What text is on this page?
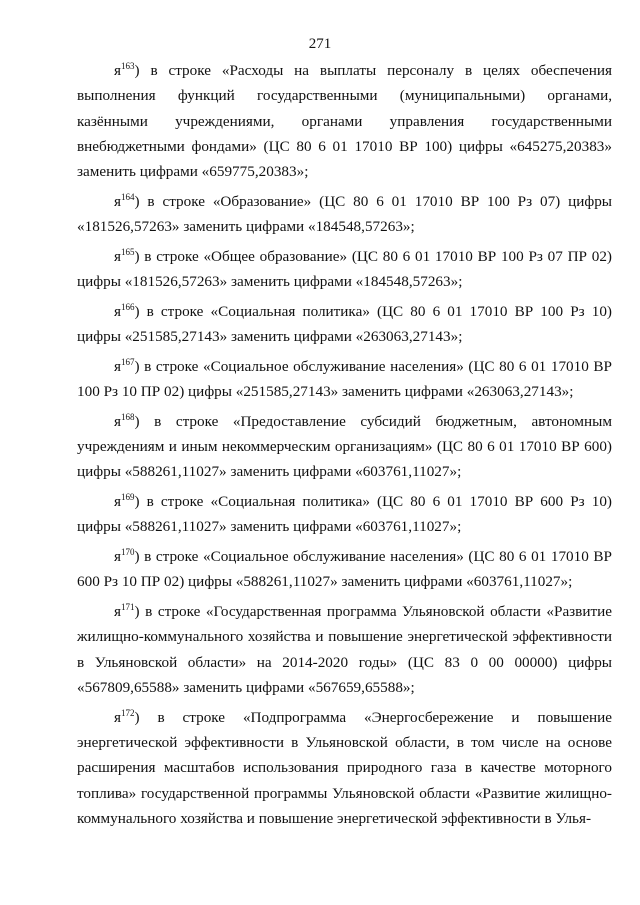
271

$я^{163}$) в строке «Расходы на выплаты персоналу в целях обеспечения выполнения функций государственными (муниципальными) органами, казёнными учреждениями, органами управления государственными внебюджетными фондами» (ЦС 80 6 01 17010 ВР 100) цифры «645275,20383» заменить цифрами «659775,20383»;

$я^{164}$) в строке «Образование» (ЦС 80 6 01 17010 ВР 100 Рз 07) цифры «181526,57263» заменить цифрами «184548,57263»;

$я^{165}$) в строке «Общее образование» (ЦС 80 6 01 17010 ВР 100 Рз 07 ПР 02) цифры «181526,57263» заменить цифрами «184548,57263»;

$я^{166}$) в строке «Социальная политика» (ЦС 80 6 01 17010 ВР 100 Рз 10) цифры «251585,27143» заменить цифрами «263063,27143»;

$я^{167}$) в строке «Социальное обслуживание населения» (ЦС 80 6 01 17010 ВР 100 Рз 10 ПР 02) цифры «251585,27143» заменить цифрами «263063,27143»;

$я^{168}$) в строке «Предоставление субсидий бюджетным, автономным учреждениям и иным некоммерческим организациям» (ЦС 80 6 01 17010 ВР 600) цифры «588261,11027» заменить цифрами «603761,11027»;

$я^{169}$) в строке «Социальная политика» (ЦС 80 6 01 17010 ВР 600 Рз 10) цифры «588261,11027» заменить цифрами «603761,11027»;

$я^{170}$) в строке «Социальное обслуживание населения» (ЦС 80 6 01 17010 ВР 600 Рз 10 ПР 02) цифры «588261,11027» заменить цифрами «603761,11027»;

$я^{171}$) в строке «Государственная программа Ульяновской области «Развитие жилищно-коммунального хозяйства и повышение энергетической эффективности в Ульяновской области» на 2014-2020 годы» (ЦС 83 0 00 00000) цифры «567809,65588» заменить цифрами «567659,65588»;

$я^{172}$) в строке «Подпрограмма «Энергосбережение и повышение энергетической эффективности в Ульяновской области, в том числе на основе расширения масштабов использования природного газа в качестве моторного топлива» государственной программы Ульяновской области «Развитие жилищно-коммунального хозяйства и повышение энергетической эффективности в Улья-
